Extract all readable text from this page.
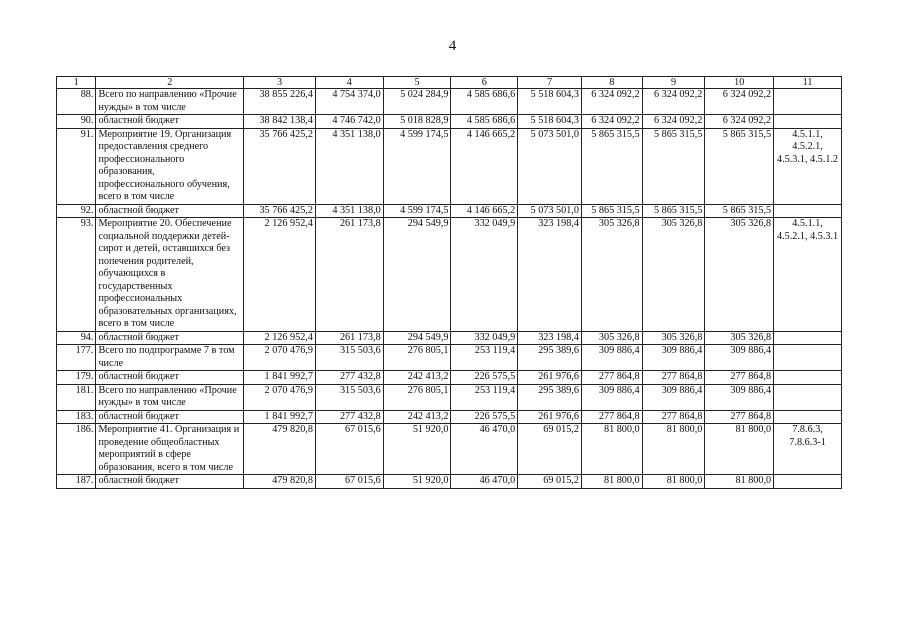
4
1	2	3	4	5	6	7	8	9	10	11
88.	Всего по направлению «Прочие нужды» в том числе	38 855 226,4	4 754 374,0	5 024 284,9	4 585 686,6	5 518 604,3	6 324 092,2	6 324 092,2	6 324 092,2	
90.	областной бюджет	38 842 138,4	4 746 742,0	5 018 828,9	4 585 686,6	5 518 604,3	6 324 092,2	6 324 092,2	6 324 092,2	
91.	Мероприятие 19. Организация предоставления среднего профессионального образования, профессионального обучения, всего в том числе	35 766 425,2	4 351 138,0	4 599 174,5	4 146 665,2	5 073 501,0	5 865 315,5	5 865 315,5	5 865 315,5	4.5.1.1, 4.5.2.1, 4.5.3.1, 4.5.1.2
92.	областной бюджет	35 766 425,2	4 351 138,0	4 599 174,5	4 146 665,2	5 073 501,0	5 865 315,5	5 865 315,5	5 865 315,5	
93.	Мероприятие 20. Обеспечение социальной поддержки детей-сирот и детей, оставшихся без попечения родителей, обучающихся в государственных профессиональных образовательных организациях, всего в том числе	2 126 952,4	261 173,8	294 549,9	332 049,9	323 198,4	305 326,8	305 326,8	305 326,8	4.5.1.1, 4.5.2.1, 4.5.3.1
94.	областной бюджет	2 126 952,4	261 173,8	294 549,9	332 049,9	323 198,4	305 326,8	305 326,8	305 326,8	
177.	Всего по подпрограмме 7 в том числе	2 070 476,9	315 503,6	276 805,1	253 119,4	295 389,6	309 886,4	309 886,4	309 886,4	
179.	областной бюджет	1 841 992,7	277 432,8	242 413,2	226 575,5	261 976,6	277 864,8	277 864,8	277 864,8	
181.	Всего по направлению «Прочие нужды» в том числе	2 070 476,9	315 503,6	276 805,1	253 119,4	295 389,6	309 886,4	309 886,4	309 886,4	
183.	областной бюджет	1 841 992,7	277 432,8	242 413,2	226 575,5	261 976,6	277 864,8	277 864,8	277 864,8	
186.	Мероприятие 41. Организация и проведение общеобластных мероприятий в сфере образования, всего в том числе	479 820,8	67 015,6	51 920,0	46 470,0	69 015,2	81 800,0	81 800,0	81 800,0	7.8.6.3, 7.8.6.3-1
187.	областной бюджет	479 820,8	67 015,6	51 920,0	46 470,0	69 015,2	81 800,0	81 800,0	81 800,0	
